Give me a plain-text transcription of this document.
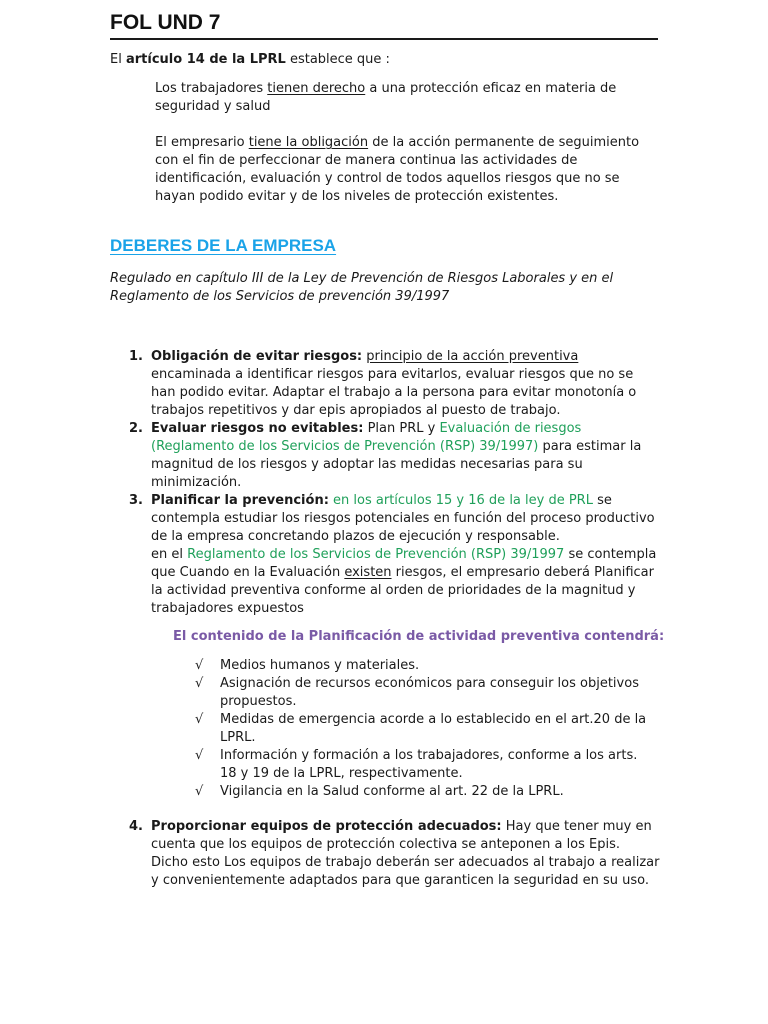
FOL UND 7
El artículo 14 de la LPRL establece que :
Los trabajadores tienen derecho a una protección eficaz en materia de seguridad y salud
El empresario tiene la obligación de la acción permanente de seguimiento con el fin de perfeccionar de manera continua las actividades de identificación, evaluación y control de todos aquellos riesgos que no se hayan podido evitar y de los niveles de protección existentes.
DEBERES DE LA EMPRESA
Regulado en capítulo III de la Ley de Prevención de Riesgos Laborales y en el Reglamento de los Servicios de prevención 39/1997
1. Obligación de evitar riesgos: principio de la acción preventiva encaminada a identificar riesgos para evitarlos, evaluar riesgos que no se han podido evitar. Adaptar el trabajo a la persona para evitar monotonía o trabajos repetitivos y dar epis apropiados al puesto de trabajo.
2. Evaluar riesgos no evitables: Plan PRL y Evaluación de riesgos (Reglamento de los Servicios de Prevención (RSP) 39/1997) para estimar la magnitud de los riesgos y adoptar las medidas necesarias para su minimización.
3. Planificar la prevención: en los artículos 15 y 16 de la ley de PRL se contempla estudiar los riesgos potenciales en función del proceso productivo de la empresa concretando plazos de ejecución y responsable.
en el Reglamento de los Servicios de Prevención (RSP) 39/1997 se contempla que Cuando en la Evaluación existen riesgos, el empresario deberá Planificar la actividad preventiva conforme al orden de prioridades de la magnitud y trabajadores expuestos
El contenido de la Planificación de actividad preventiva contendrá:
√ Medios humanos y materiales.
√ Asignación de recursos económicos para conseguir los objetivos propuestos.
√ Medidas de emergencia acorde a lo establecido en el art.20 de la LPRL.
√ Información y formación a los trabajadores, conforme a los arts. 18 y 19 de la LPRL, respectivamente.
√ Vigilancia en la Salud conforme al art. 22 de la LPRL.
4. Proporcionar equipos de protección adecuados: Hay que tener muy en cuenta que los equipos de protección colectiva se anteponen a los Epis. Dicho esto Los equipos de trabajo deberán ser adecuados al trabajo a realizar y convenientemente adaptados para que garanticen la seguridad en su uso.
